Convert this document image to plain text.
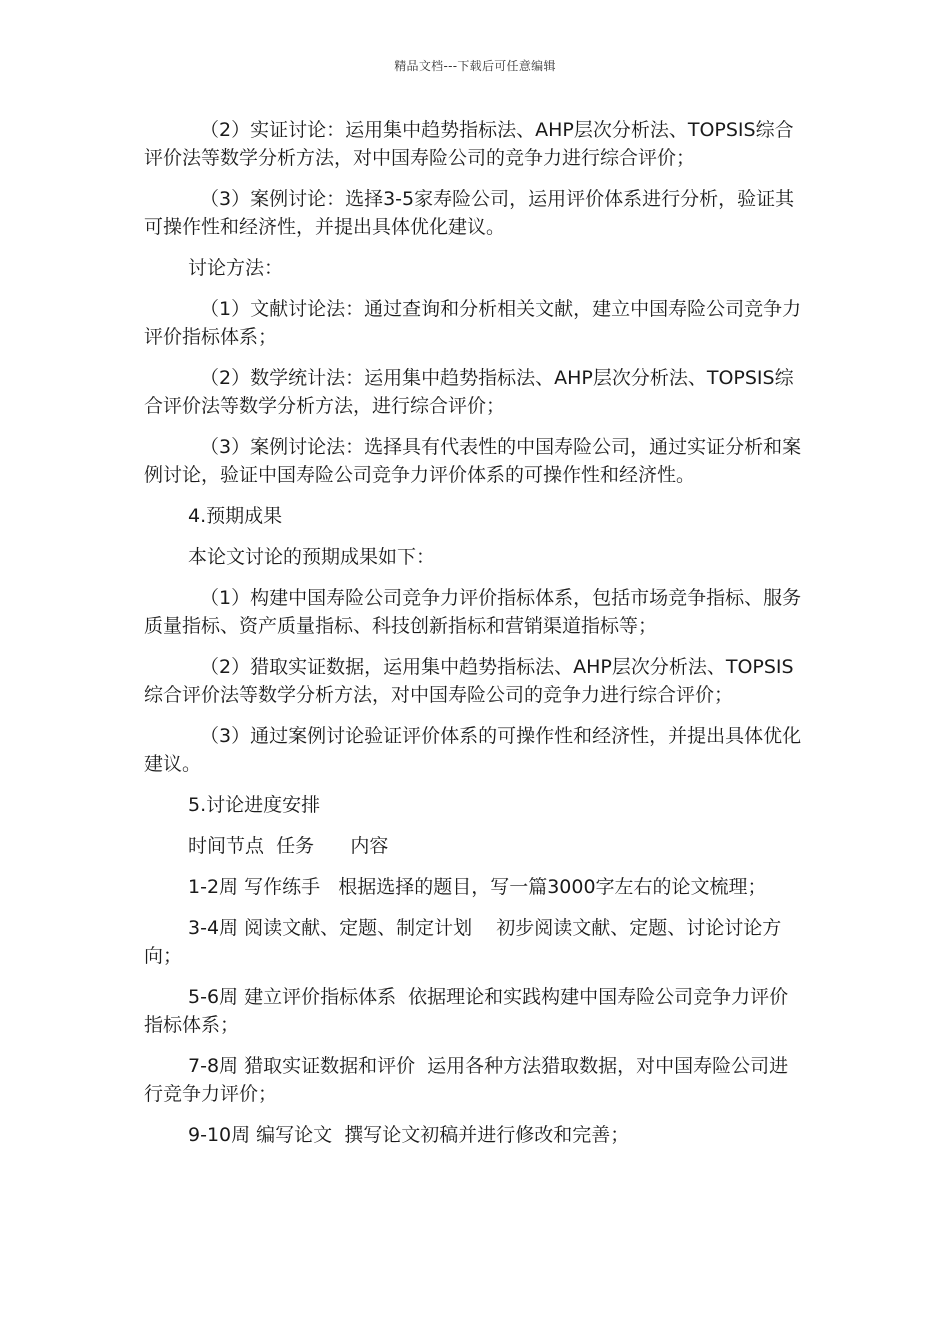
精品文档---下载后可任意编辑

（2）实证讨论：运用集中趋势指标法、AHP层次分析法、TOPSIS综合评价法等数学分析方法，对中国寿险公司的竞争力进行综合评价；

（3）案例讨论：选择3-5家寿险公司，运用评价体系进行分析，验证其可操作性和经济性，并提出具体优化建议。

讨论方法：

（1）文献讨论法：通过查询和分析相关文献，建立中国寿险公司竞争力评价指标体系；

（2）数学统计法：运用集中趋势指标法、AHP层次分析法、TOPSIS综合评价法等数学分析方法，进行综合评价；

（3）案例讨论法：选择具有代表性的中国寿险公司，通过实证分析和案例讨论，验证中国寿险公司竞争力评价体系的可操作性和经济性。

4.预期成果

本论文讨论的预期成果如下：

（1）构建中国寿险公司竞争力评价指标体系，包括市场竞争指标、服务质量指标、资产质量指标、科技创新指标和营销渠道指标等；

（2）猎取实证数据，运用集中趋势指标法、AHP层次分析法、TOPSIS综合评价法等数学分析方法，对中国寿险公司的竞争力进行综合评价；

（3）通过案例讨论验证评价体系的可操作性和经济性，并提出具体优化建议。

5.讨论进度安排

时间节点  任务      内容

1-2周 写作练手   根据选择的题目，写一篇3000字左右的论文梳理；

3-4周 阅读文献、定题、制定计划    初步阅读文献、定题、讨论讨论方向；

5-6周 建立评价指标体系  依据理论和实践构建中国寿险公司竞争力评价指标体系；

7-8周 猎取实证数据和评价  运用各种方法猎取数据，对中国寿险公司进行竞争力评价；

9-10周 编写论文  撰写论文初稿并进行修改和完善；
